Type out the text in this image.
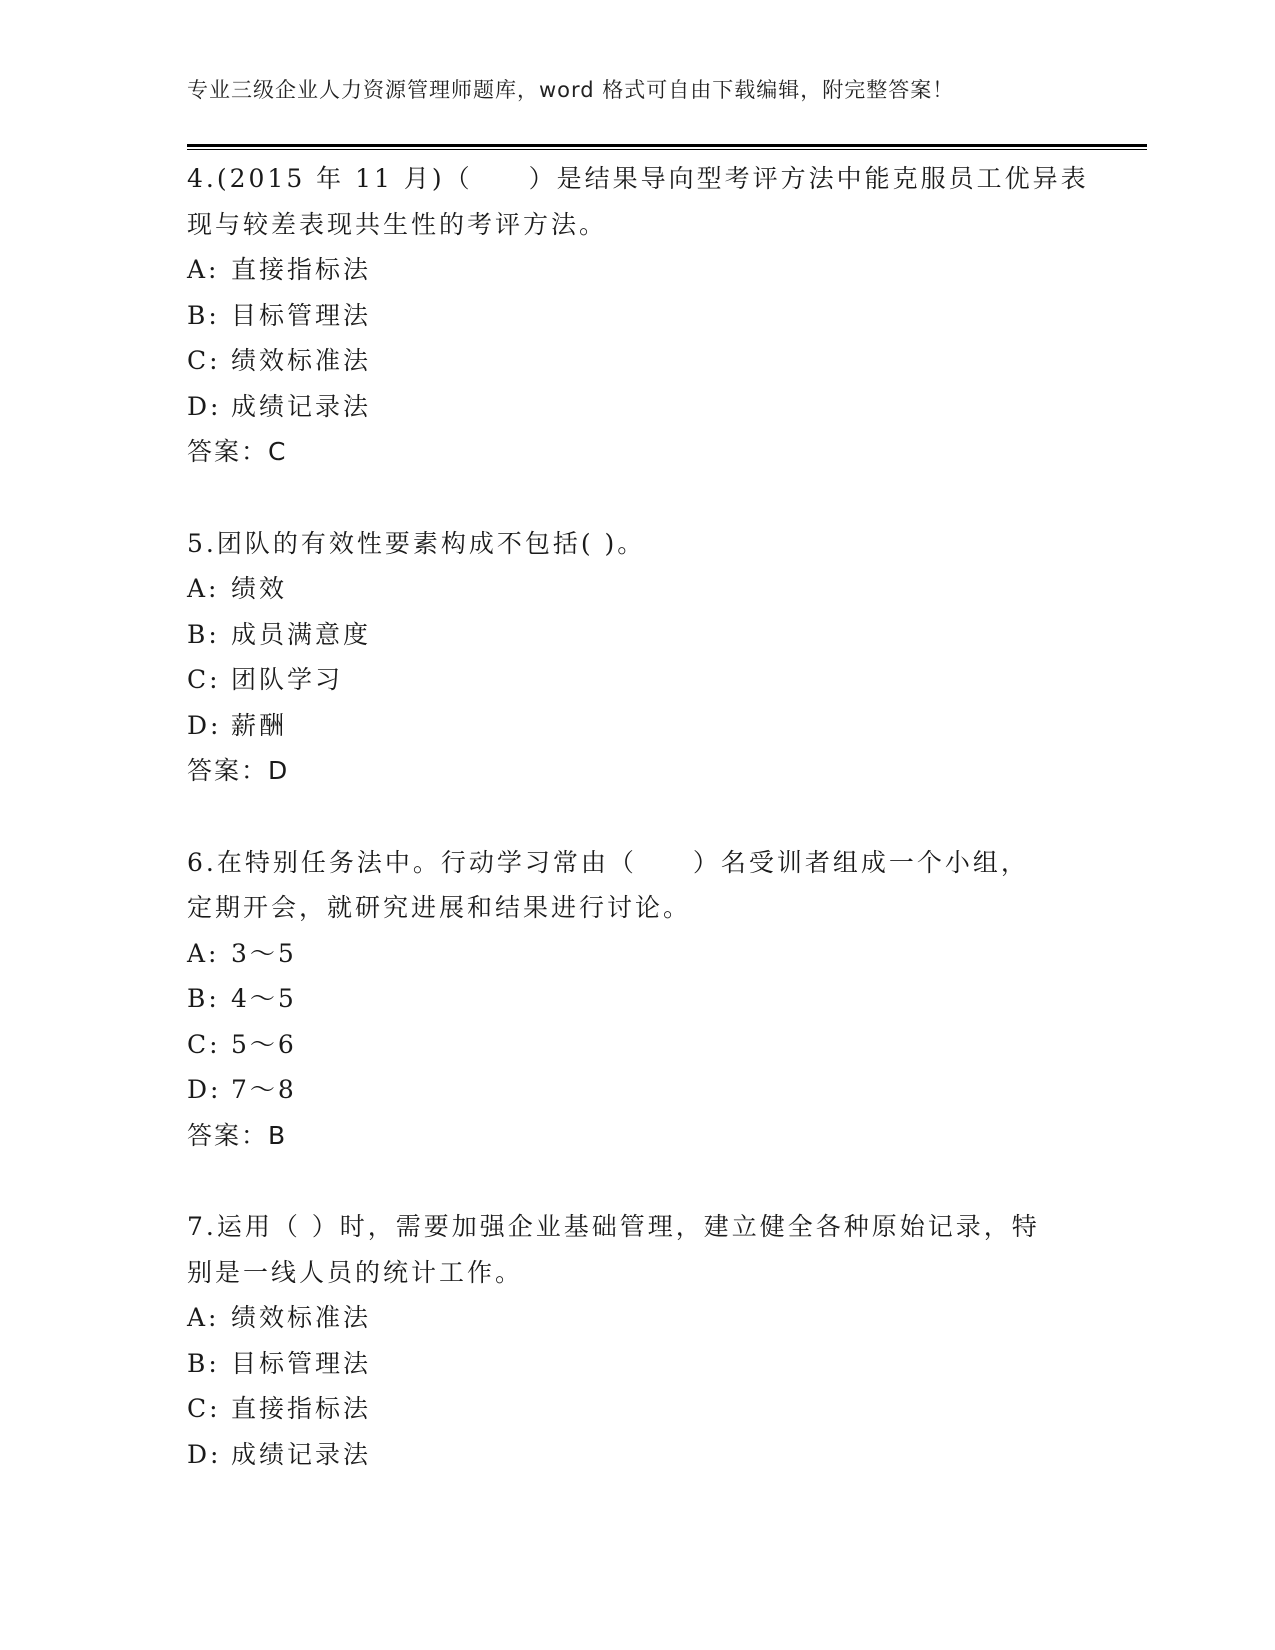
专业三级企业人力资源管理师题库，word 格式可自由下载编辑，附完整答案！
4.(2015 年 11 月)（　　）是结果导向型考评方法中能克服员工优异表
现与较差表现共生性的考评方法。
A: 直接指标法
B: 目标管理法
C: 绩效标准法
D: 成绩记录法
答案：C
5.团队的有效性要素构成不包括( )。
A: 绩效
B: 成员满意度
C: 团队学习
D: 薪酬
答案：D
6.在特别任务法中。行动学习常由（　　）名受训者组成一个小组，
定期开会，就研究进展和结果进行讨论。
A: 3～5
B: 4～5
C: 5～6
D: 7～8
答案：B
7.运用（ ）时，需要加强企业基础管理，建立健全各种原始记录，特
别是一线人员的统计工作。
A: 绩效标准法
B: 目标管理法
C: 直接指标法
D: 成绩记录法
